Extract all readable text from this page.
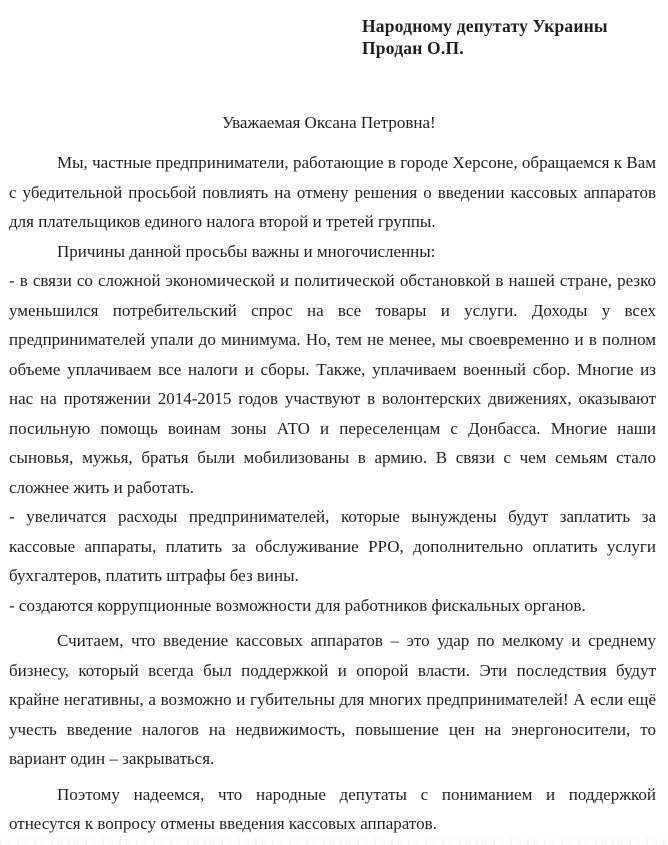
Народному депутату Украины
Продан О.П.
Уважаемая Оксана Петровна!

Мы, частные предприниматели, работающие в городе Херсоне, обращаемся к Вам с убедительной просьбой повлиять на отмену решения о введении кассовых аппаратов для плательщиков единого налога второй и третей группы.

Причины данной просьбы важны и многочисленны:

- в связи со сложной экономической и политической обстановкой в нашей стране, резко уменьшился потребительский спрос на все товары и услуги. Доходы у всех предпринимателей упали до минимума. Но, тем не менее, мы своевременно и в полном объеме уплачиваем все налоги и сборы. Также, уплачиваем военный сбор. Многие из нас на протяжении 2014-2015 годов участвуют в волонтерских движениях, оказывают посильную помощь воинам зоны АТО и переселенцам с Донбасса. Многие наши сыновья, мужья, братья были мобилизованы в армию. В связи с чем семьям стало сложнее жить и работать.

- увеличатся расходы предпринимателей, которые вынуждены будут заплатить за кассовые аппараты, платить за обслуживание РРО, дополнительно оплатить услуги бухгалтеров, платить штрафы без вины.

- создаются коррупционные возможности для работников фискальных органов.

Считаем, что введение кассовых аппаратов – это удар по мелкому и среднему бизнесу, который всегда был поддержкой и опорой власти. Эти последствия будут крайне негативны, а возможно и губительны для многих предпринимателей! А если ещё учесть введение налогов на недвижимость, повышение цен на энергоносители, то вариант один – закрываться.

Поэтому надеемся, что народные депутаты с пониманием и поддержкой отнесутся к вопросу отмены введения кассовых аппаратов.
